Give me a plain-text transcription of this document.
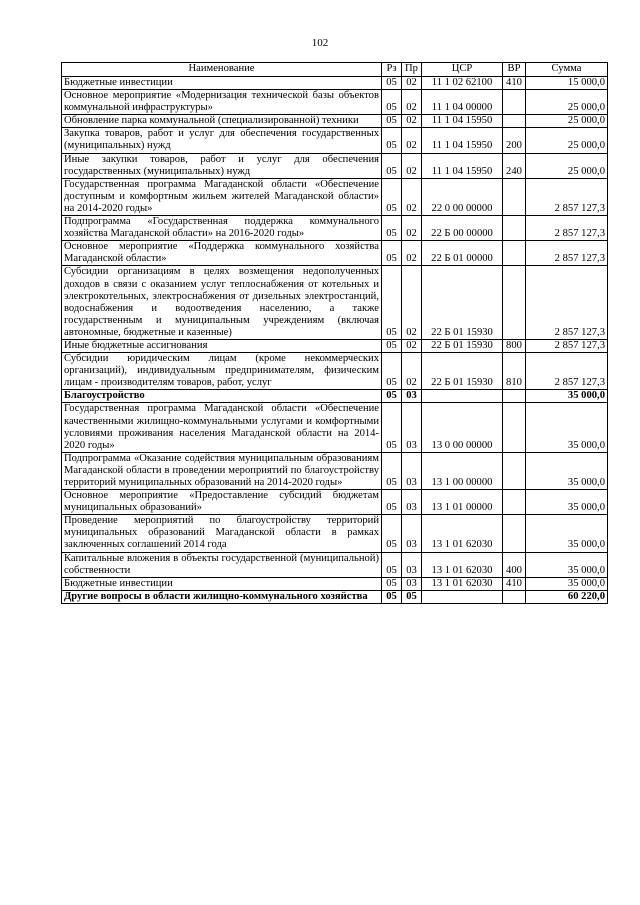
102
Наименование	Рз	Пр	ЦСР	ВР	Сумма
Бюджетные инвестиции	05	02	11 1 02 62100	410	15 000,0
Основное мероприятие «Модернизация технической базы объектов коммунальной инфраструктуры»	05	02	11 1 04 00000		25 000,0
Обновление парка коммунальной (специализированной) техники	05	02	11 1 04 15950		25 000,0
Закупка товаров, работ и услуг для обеспечения государственных (муниципальных) нужд	05	02	11 1 04 15950	200	25 000,0
Иные закупки товаров, работ и услуг для обеспечения государственных (муниципальных) нужд	05	02	11 1 04 15950	240	25 000,0
Государственная программа Магаданской области «Обеспечение доступным и комфортным жильем жителей Магаданской области» на 2014-2020 годы»	05	02	22 0 00 00000		2 857 127,3
Подпрограмма «Государственная поддержка коммунального хозяйства Магаданской области» на 2016-2020 годы»	05	02	22 Б 00 00000		2 857 127,3
Основное мероприятие «Поддержка коммунального хозяйства Магаданской области»	05	02	22 Б 01 00000		2 857 127,3
Субсидии организациям в целях возмещения недополученных доходов в связи с оказанием услуг теплоснабжения от котельных и электрокотельных, электроснабжения от дизельных электростанций, водоснабжения и водоотведения населению, а также государственным и муниципальным учреждениям (включая автономные, бюджетные и казенные)	05	02	22 Б 01 15930		2 857 127,3
Иные бюджетные ассигнования	05	02	22 Б 01 15930	800	2 857 127,3
Субсидии юридическим лицам (кроме некоммерческих организаций), индивидуальным предпринимателям, физическим лицам - производителям товаров, работ, услуг	05	02	22 Б 01 15930	810	2 857 127,3
Благоустройство	05	03			35 000,0
Государственная программа Магаданской области «Обеспечение качественными жилищно-коммунальными услугами и комфортными условиями проживания населения Магаданской области на 2014-2020 годы»	05	03	13 0 00 00000		35 000,0
Подпрограмма «Оказание содействия муниципальным образованиям Магаданской области в проведении мероприятий по благоустройству территорий муниципальных образований на 2014-2020 годы»	05	03	13 1 00 00000		35 000,0
Основное мероприятие «Предоставление субсидий бюджетам муниципальных образований»	05	03	13 1 01 00000		35 000,0
Проведение мероприятий по благоустройству территорий муниципальных образований Магаданской области в рамках заключенных соглашений 2014 года	05	03	13 1 01 62030		35 000,0
Капитальные вложения в объекты государственной (муниципальной) собственности	05	03	13 1 01 62030	400	35 000,0
Бюджетные инвестиции	05	03	13 1 01 62030	410	35 000,0
Другие вопросы в области жилищно-коммунального хозяйства	05	05			60 220,0
